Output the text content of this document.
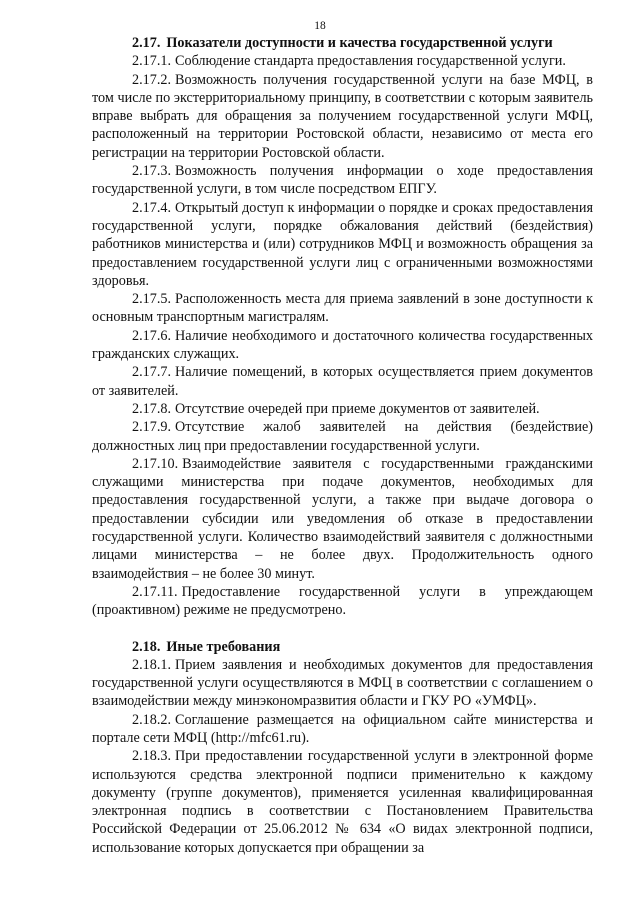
18

2.17. Показатели доступности и качества государственной услуги

2.17.1. Соблюдение стандарта предоставления государственной услуги.

2.17.2. Возможность получения государственной услуги на базе МФЦ, в том числе по экстерриториальному принципу, в соответствии с которым заявитель вправе выбрать для обращения за получением государственной услуги МФЦ, расположенный на территории Ростовской области, независимо от места его регистрации на территории Ростовской области.

2.17.3. Возможность получения информации о ходе предоставления государственной услуги, в том числе посредством ЕПГУ.

2.17.4. Открытый доступ к информации о порядке и сроках предоставления государственной услуги, порядке обжалования действий (бездействия) работников министерства и (или) сотрудников МФЦ и возможность обращения за предоставлением государственной услуги лиц с ограниченными возможностями здоровья.

2.17.5. Расположенность места для приема заявлений в зоне доступности к основным транспортным магистралям.

2.17.6. Наличие необходимого и достаточного количества государственных гражданских служащих.

2.17.7. Наличие помещений, в которых осуществляется прием документов от заявителей.

2.17.8. Отсутствие очередей при приеме документов от заявителей.

2.17.9. Отсутствие жалоб заявителей на действия (бездействие) должностных лиц при предоставлении государственной услуги.

2.17.10. Взаимодействие заявителя с государственными гражданскими служащими министерства при подаче документов, необходимых для предоставления государственной услуги, а также при выдаче договора о предоставлении субсидии или уведомления об отказе в предоставлении государственной услуги. Количество взаимодействий заявителя с должностными лицами министерства – не более двух. Продолжительность одного взаимодействия – не более 30 минут.

2.17.11. Предоставление государственной услуги в упреждающем (проактивном) режиме не предусмотрено.

2.18. Иные требования

2.18.1. Прием заявления и необходимых документов для предоставления государственной услуги осуществляются в МФЦ в соответствии с соглашением о взаимодействии между минэкономразвития области и ГКУ РО «УМФЦ».

2.18.2. Соглашение размещается на официальном сайте министерства и портале сети МФЦ (http://mfc61.ru).

2.18.3. При предоставлении государственной услуги в электронной форме используются средства электронной подписи применительно к каждому документу (группе документов), применяется усиленная квалифицированная электронная подпись в соответствии с Постановлением Правительства Российской Федерации от 25.06.2012 № 634 «О видах электронной подписи, использование которых допускается при обращении за
